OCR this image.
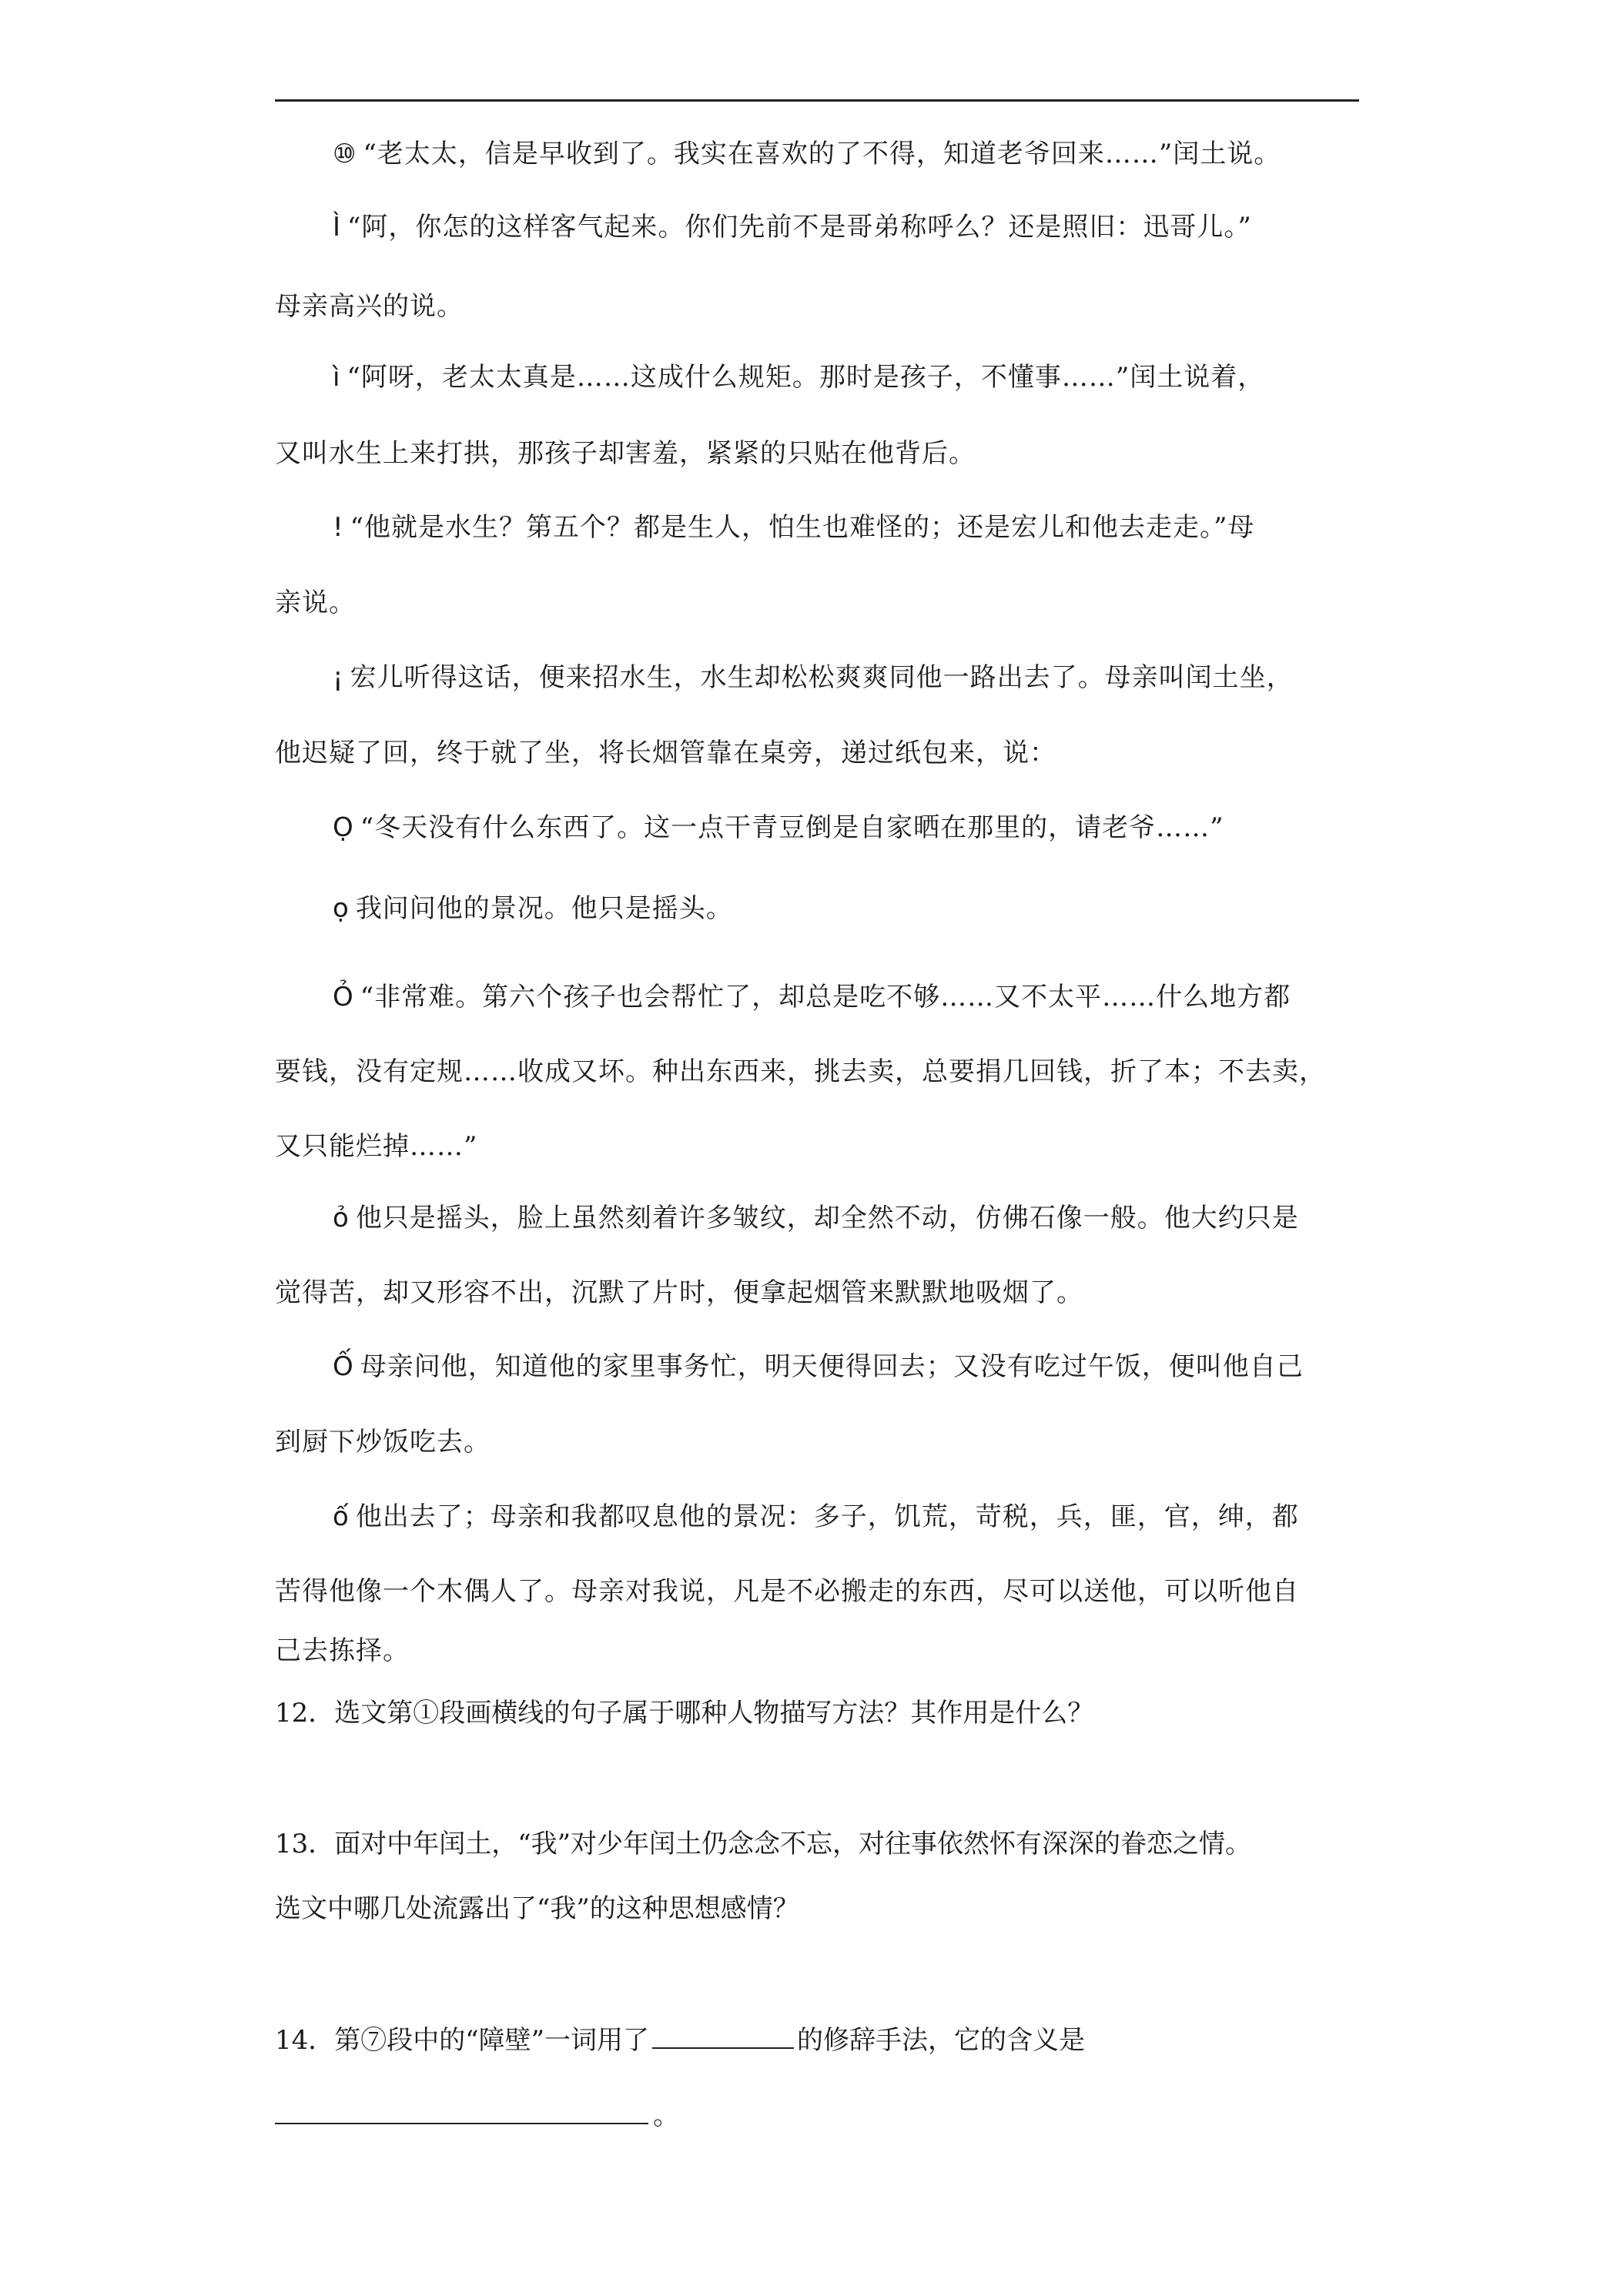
⑩ “老太太，信是早收到了。我实在喜欢的了不得，知道老爷回来……”闰土说。
Ì “阿，你怎的这样客气起来。你们先前不是哥弟称呼么？还是照旧：迅哥儿。”
母亲高兴的说。
ì “阿呀，老太太真是……这成什么规矩。那时是孩子，不懂事……”闰土说着，
又叫水生上来打拱，那孩子却害羞，紧紧的只贴在他背后。
! “他就是水生？第五个？都是生人，怕生也难怪的；还是宏儿和他去走走。”母
亲说。
¡ 宏儿听得这话，便来招水生，水生却松松爽爽同他一路出去了。母亲叫闰土坐，
他迟疑了回，终于就了坐，将长烟管靠在桌旁，递过纸包来，说：
Ọ “冬天没有什么东西了。这一点干青豆倒是自家晒在那里的，请老爷……”
ọ 我问问他的景况。他只是摇头。
Ỏ “非常难。第六个孩子也会帮忙了，却总是吃不够……又不太平……什么地方都
要钱，没有定规……收成又坏。种出东西来，挑去卖，总要捐几回钱，折了本；不去卖，
又只能烂掉……”
ỏ 他只是摇头，脸上虽然刻着许多皱纹，却全然不动，仿佛石像一般。他大约只是
觉得苦，却又形容不出，沉默了片时，便拿起烟管来默默地吸烟了。
Ố 母亲问他，知道他的家里事务忙，明天便得回去；又没有吃过午饭，便叫他自己
到厨下炒饭吃去。
ố 他出去了；母亲和我都叹息他的景况：多子，饥荒，苛税，兵，匪，官，绅，都
苦得他像一个木偶人了。母亲对我说，凡是不必搬走的东西，尽可以送他，可以听他自
己去拣择。
12．选文第①段画横线的句子属于哪种人物描写方法？其作用是什么？
13．面对中年闰土，“我”对少年闰土仍念念不忘，对往事依然怀有深深的眷恋之情。
选文中哪几处流露出了“我”的这种思想感情？
14．第⑦段中的“障壁”一词用了	的修辞手法，它的含义是
。
